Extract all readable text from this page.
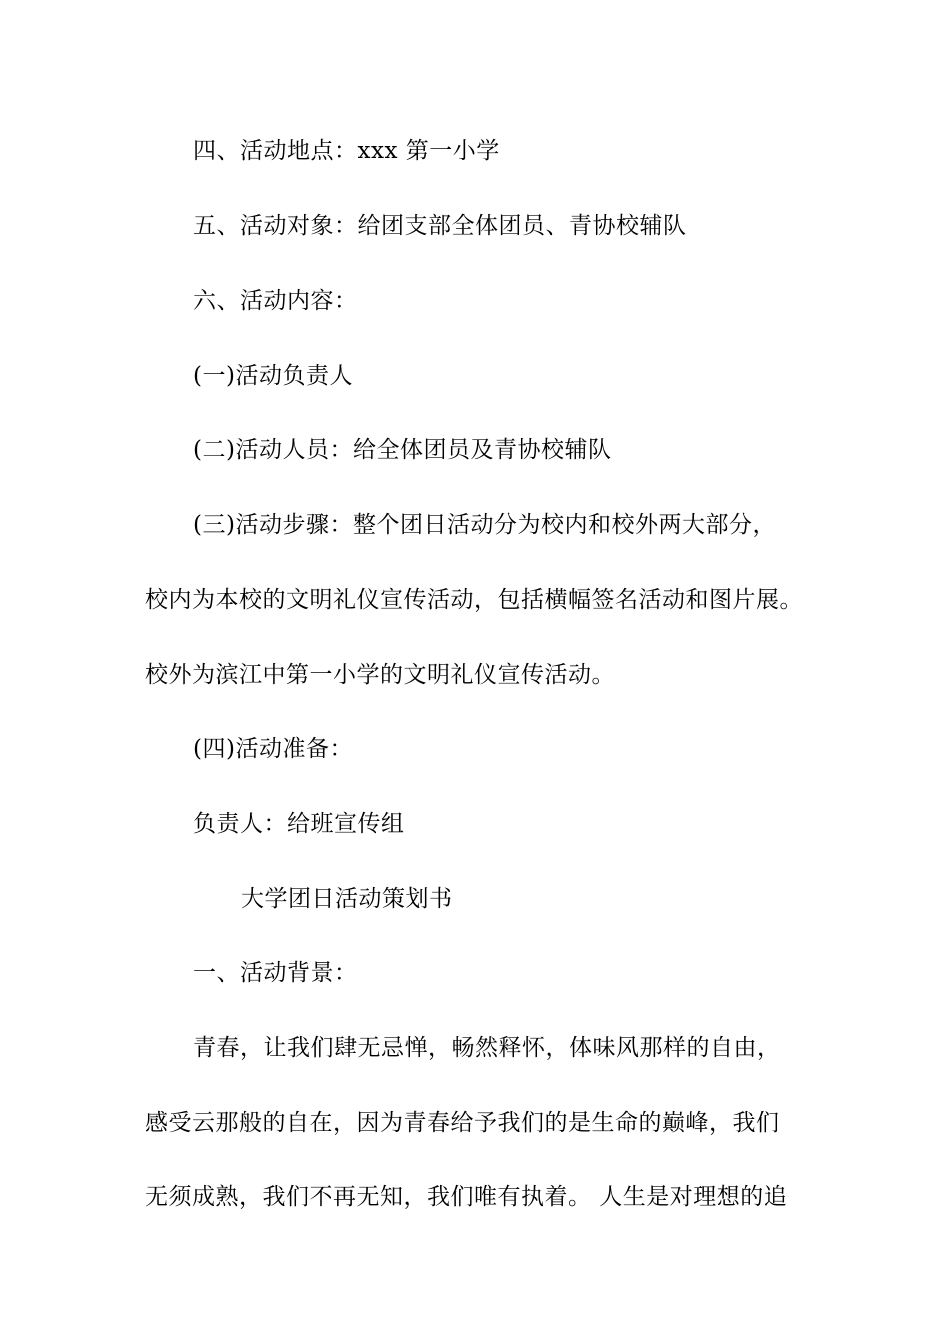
四、活动地点：xxx 第一小学
五、活动对象：给团支部全体团员、青协校辅队
六、活动内容：
(一)活动负责人
(二)活动人员：给全体团员及青协校辅队
(三)活动步骤：整个团日活动分为校内和校外两大部分，
校内为本校的文明礼仪宣传活动，包括横幅签名活动和图片展。
校外为滨江中第一小学的文明礼仪宣传活动。
(四)活动准备：
负责人：给班宣传组
大学团日活动策划书
一、活动背景：
青春，让我们肆无忌惮，畅然释怀，体味风那样的自由，
感受云那般的自在，因为青春给予我们的是生命的巅峰，我们
无须成熟，我们不再无知，我们唯有执着。 人生是对理想的追
